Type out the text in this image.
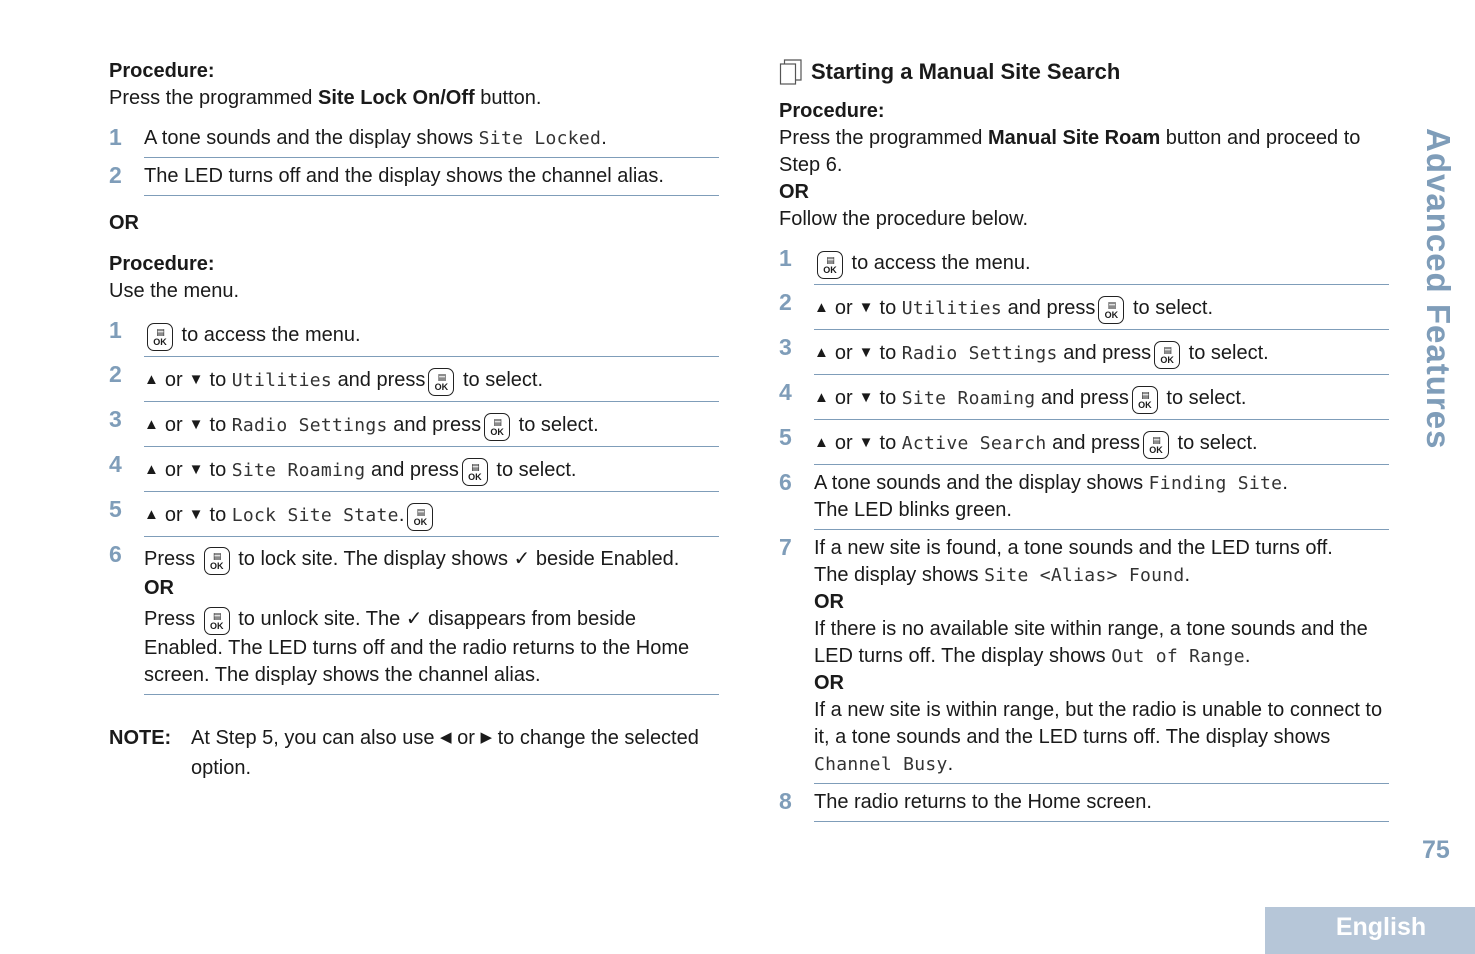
Procedure:
Press the programmed Site Lock On/Off button.
1	A tone sounds and the display shows Site Locked.
2	The LED turns off and the display shows the channel alias.
OR
Procedure:
Use the menu.
1	▤
OK to access the menu.
2	▲ or ▼ to Utilities and press	▤
OK to select.
3	▲ or ▼ to Radio Settings and press	▤
OK to select.
4	▲ or ▼ to Site Roaming and press	▤
OK to select.
5	▲ or ▼ to Lock Site State.	▤
OK
6	Press	▤
OK to lock site. The display shows ✓ beside Enabled.
OR
Press	▤
OK to unlock site. The ✓ disappears from beside Enabled. The LED turns off and the radio returns to the Home screen. The display shows the channel alias.
NOTE: At Step 5, you can also use ◀ or ▶ to change the selected option.
Starting a Manual Site Search
Procedure:
Press the programmed Manual Site Roam button and proceed to Step 6.
OR
Follow the procedure below.
1	▤
OK to access the menu.
2	▲ or ▼ to Utilities and press	▤
OK to select.
3	▲ or ▼ to Radio Settings and press	▤
OK to select.
4	▲ or ▼ to Site Roaming and press	▤
OK to select.
5	▲ or ▼ to Active Search and press	▤
OK to select.
6	A tone sounds and the display shows Finding Site.
The LED blinks green.
7	If a new site is found, a tone sounds and the LED turns off.
The display shows Site <Alias> Found.
OR
If there is no available site within range, a tone sounds and the LED turns off. The display shows Out of Range.
OR
If a new site is within range, but the radio is unable to connect to it, a tone sounds and the LED turns off. The display shows Channel Busy.
8	The radio returns to the Home screen.
Advanced Features
75
English
